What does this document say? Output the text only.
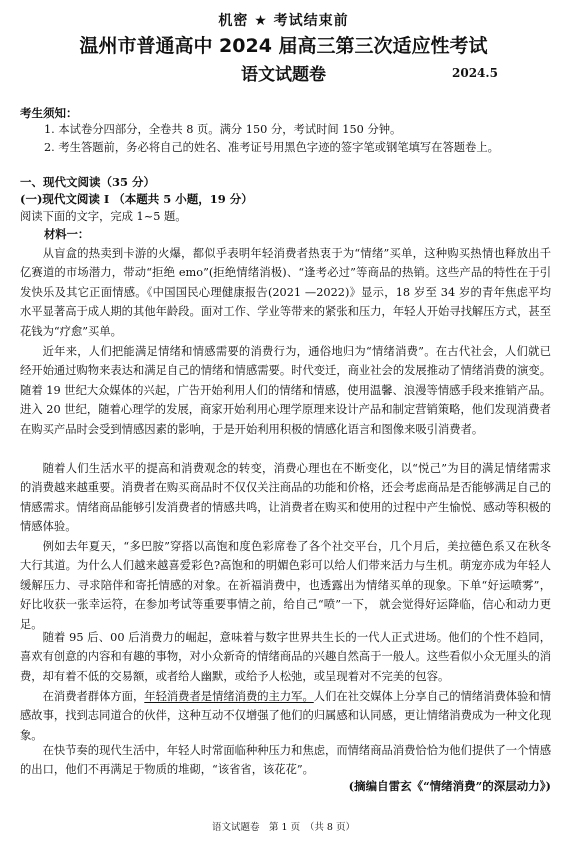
机密 ★ 考试结束前
温州市普通高中 2024 届高三第三次适应性考试
语文试题卷	2024.5
考生须知：
1. 本试卷分四部分，全卷共 8 页。满分 150 分，考试时间 150 分钟。
2. 考生答题前，务必将自己的姓名、准考证号用黑色字迹的签字笔或钢笔填写在答题卷上。
一、现代文阅读（35 分）
(一)现代文阅读 I （本题共 5 小题，19 分）
阅读下面的文字，完成 1~5 题。
材料一：
从盲盒的热卖到卡游的火爆，都似乎表明年轻消费者热衷于为“情绪”买单，这种购买热情也释放出千亿赛道的市场潜力，带动“拒绝 emo”(拒绝情绪消极)、“逢考必过”等商品的热销。这些产品的特性在于引发快乐及其它正面情感。《中国国民心理健康报告(2021 —2022)》显示，18 岁至 34 岁的青年焦虑平均水平显著高于成人期的其他年龄段。面对工作、学业等带来的紧张和压力，年轻人开始寻找解压方式，甚至花钱为“疗愈”买单。
近年来，人们把能满足情绪和情感需要的消费行为，通俗地归为“情绪消费”。在古代社会，人们就已经开始通过购物来表达和满足自己的情绪和情感需要。时代变迁，商业社会的发展推动了情绪消费的演变。随着 19 世纪大众媒体的兴起，广告开始利用人们的情绪和情感，使用温馨、浪漫等情感手段来推销产品。进入 20 世纪，随着心理学的发展，商家开始利用心理学原理来设计产品和制定营销策略，他们发现消费者在购买产品时会受到情感因素的影响，于是开始利用积极的情感化语言和图像来吸引消费者。
随着人们生活水平的提高和消费观念的转变，消费心理也在不断变化，以“悦己”为目的满足情绪需求的消费越来越重要。消费者在购买商品时不仅仅关注商品的功能和价格，还会考虑商品是否能够满足自己的情感需求。情绪商品能够引发消费者的情感共鸣，让消费者在购买和使用的过程中产生愉悦、感动等积极的情感体验。
例如去年夏天，“多巴胺”穿搭以高饱和度色彩席卷了各个社交平台，几个月后，美拉德色系又在秋冬大行其道。为什么人们越来越喜爱彩色?高饱和的明媚色彩可以给人们带来活力与生机。萌宠亦成为年轻人缓解压力、寻求陪伴和寄托情感的对象。在祈福消费中，也透露出为情绪买单的现象。下单“好运喷雾”，好比收获一张幸运符，在参加考试等重要事情之前，给自己“喷”一下， 就会觉得好运降临，信心和动力更足。
随着 95 后、00 后消费力的崛起，意味着与数字世界共生长的一代人正式进场。他们的个性不趋同，喜欢有创意的内容和有趣的事物，对小众新奇的情绪商品的兴趣自然高于一般人。这些看似小众无厘头的消费，却有着不低的交易额，或者给人幽默，或给予人松弛，或呈现着对不完美的包容。
在消费者群体方面，年轻消费者是情绪消费的主力军。人们在社交媒体上分享自己的情绪消费体验和情感故事，找到志同道合的伙伴，这种互动不仅增强了他们的归属感和认同感，更让情绪消费成为一种文化现象。
在快节奏的现代生活中，年轻人时常面临种种压力和焦虑，而情绪商品消费恰恰为他们提供了一个情感的出口，他们不再满足于物质的堆砌，“该省省，该花花”。
(摘编自雷玄《“情绪消费”的深层动力》)
语文试题卷　第 1 页　（共 8 页）
